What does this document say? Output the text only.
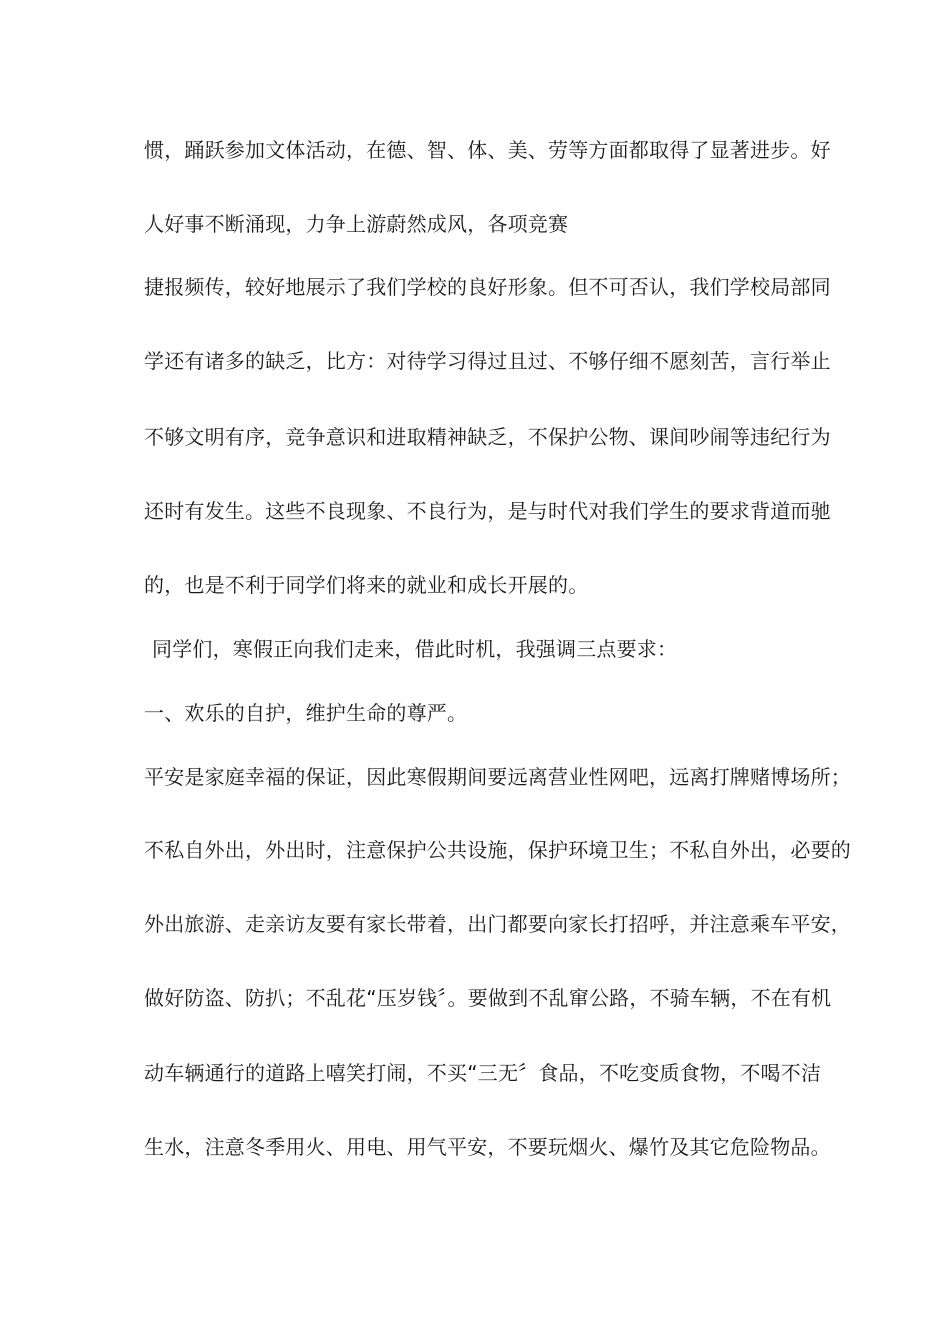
惯，踊跃参加文体活动，在德、智、体、美、劳等方面都取得了显著进步。好
人好事不断涌现，力争上游蔚然成风，各项竞赛
捷报频传，较好地展示了我们学校的良好形象。但不可否认，我们学校局部同
学还有诸多的缺乏，比方：对待学习得过且过、不够仔细不愿刻苦，言行举止
不够文明有序，竞争意识和进取精神缺乏，不保护公物、课间吵闹等违纪行为
还时有发生。这些不良现象、不良行为，是与时代对我们学生的要求背道而驰
的，也是不利于同学们将来的就业和成长开展的。
同学们，寒假正向我们走来，借此时机，我强调三点要求：
一、欢乐的自护，维护生命的尊严。
平安是家庭幸福的保证，因此寒假期间要远离营业性网吧，远离打牌赌博场所；
不私自外出，外出时，注意保护公共设施，保护环境卫生；不私自外出，必要的
外出旅游、走亲访友要有家长带着，出门都要向家长打招呼，并注意乘车平安，
做好防盗、防扒；不乱花“压岁钱〞。要做到不乱窜公路，不骑车辆，不在有机
动车辆通行的道路上嘻笑打闹，不买“三无〞食品，不吃变质食物，不喝不洁
生水，注意冬季用火、用电、用气平安，不要玩烟火、爆竹及其它危险物品。
